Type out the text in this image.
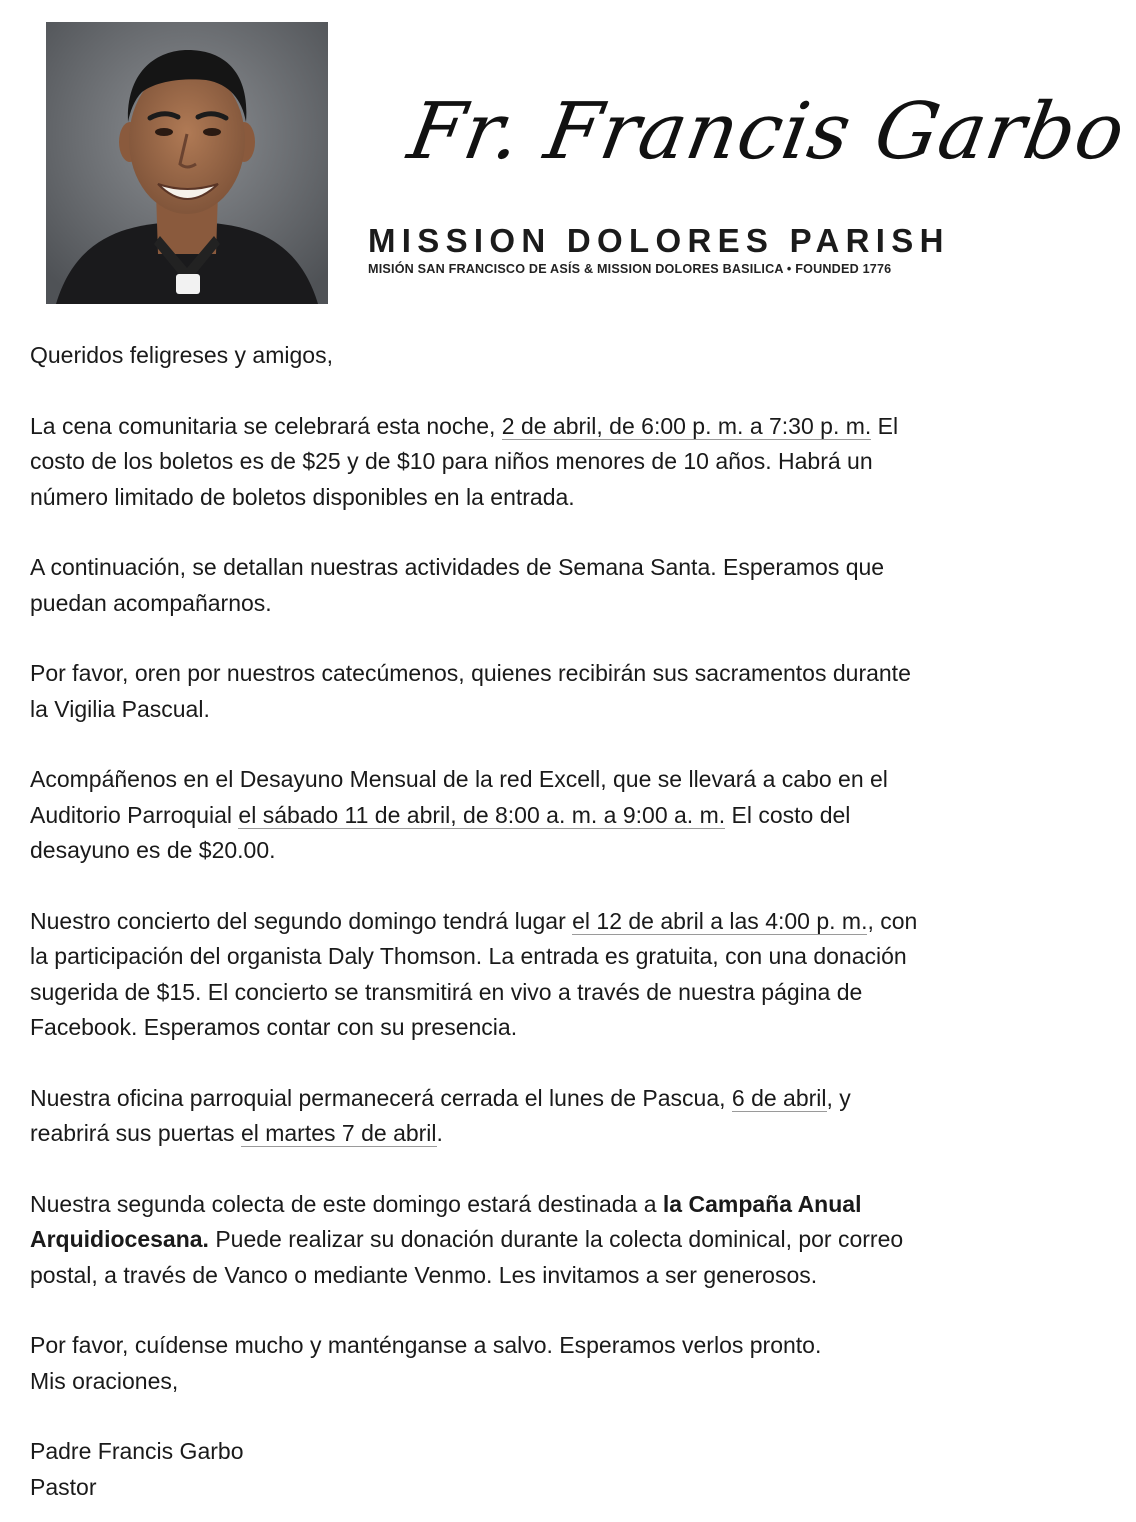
Fr. Francis Garbo
MISSION DOLORES PARISH
MISIÓN SAN FRANCISCO DE ASÍS & MISSION DOLORES BASILICA • FOUNDED 1776

Queridos feligreses y amigos,

La cena comunitaria se celebrará esta noche, 2 de abril, de 6:00 p. m. a 7:30 p. m. El
costo de los boletos es de $25 y de $10 para niños menores de 10 años. Habrá un
número limitado de boletos disponibles en la entrada.

A continuación, se detallan nuestras actividades de Semana Santa. Esperamos que
puedan acompañarnos.

Por favor, oren por nuestros catecúmenos, quienes recibirán sus sacramentos durante
la Vigilia Pascual.

Acompáñenos en el Desayuno Mensual de la red Excell, que se llevará a cabo en el
Auditorio Parroquial el sábado 11 de abril, de 8:00 a. m. a 9:00 a. m. El costo del
desayuno es de $20.00.

Nuestro concierto del segundo domingo tendrá lugar el 12 de abril a las 4:00 p. m., con
la participación del organista Daly Thomson. La entrada es gratuita, con una donación
sugerida de $15. El concierto se transmitirá en vivo a través de nuestra página de
Facebook. Esperamos contar con su presencia.

Nuestra oficina parroquial permanecerá cerrada el lunes de Pascua, 6 de abril, y
reabrirá sus puertas el martes 7 de abril.

Nuestra segunda colecta de este domingo estará destinada a la Campaña Anual
Arquidiocesana. Puede realizar su donación durante la colecta dominical, por correo
postal, a través de Vanco o mediante Venmo. Les invitamos a ser generosos.

Por favor, cuídense mucho y manténganse a salvo. Esperamos verlos pronto.
Mis oraciones,

Padre Francis Garbo
Pastor
